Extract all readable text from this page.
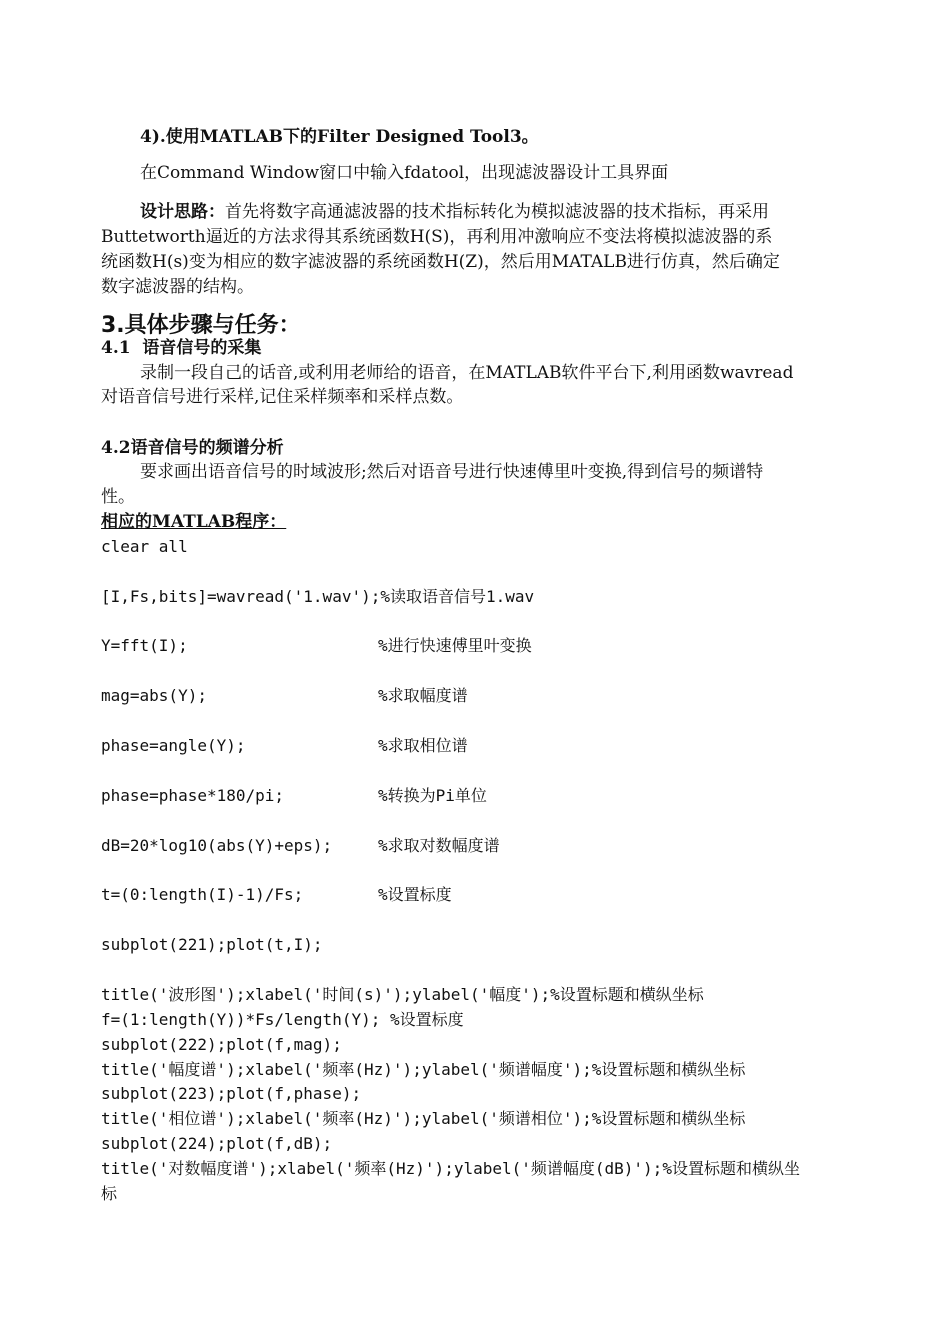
4).使用MATLAB下的Filter Designed Tool3。
在Command Window窗口中输入fdatool，出现滤波器设计工具界面
设计思路：首先将数字高通滤波器的技术指标转化为模拟滤波器的技术指标，再采用
Buttetworth逼近的方法求得其系统函数H(S)，再利用冲激响应不变法将模拟滤波器的系
统函数H(s)变为相应的数字滤波器的系统函数H(Z)，然后用MATALB进行仿真，然后确定
数字滤波器的结构。
3.具体步骤与任务：
4.1  语音信号的采集
录制一段自己的话音,或利用老师给的语音，在MATLAB软件平台下,利用函数wavread
对语音信号进行采样,记住采样频率和采样点数。
4.2语音信号的频谱分析
要求画出语音信号的时域波形;然后对语音号进行快速傅里叶变换,得到信号的频谱特
性。
相应的MATLAB程序：
clear all
[I,Fs,bits]=wavread('1.wav');%读取语音信号1.wav
Y=fft(I);	%进行快速傅里叶变换
mag=abs(Y);	%求取幅度谱
phase=angle(Y);	%求取相位谱
phase=phase*180/pi;	%转换为Pi单位
dB=20*log10(abs(Y)+eps);	%求取对数幅度谱
t=(0:length(I)-1)/Fs;	%设置标度
subplot(221);plot(t,I);
title('波形图');xlabel('时间(s)');ylabel('幅度');%设置标题和横纵坐标
f=(1:length(Y))*Fs/length(Y); %设置标度
subplot(222);plot(f,mag);
title('幅度谱');xlabel('频率(Hz)');ylabel('频谱幅度');%设置标题和横纵坐标
subplot(223);plot(f,phase);
title('相位谱');xlabel('频率(Hz)');ylabel('频谱相位');%设置标题和横纵坐标
subplot(224);plot(f,dB);
title('对数幅度谱');xlabel('频率(Hz)');ylabel('频谱幅度(dB)');%设置标题和横纵坐
标
